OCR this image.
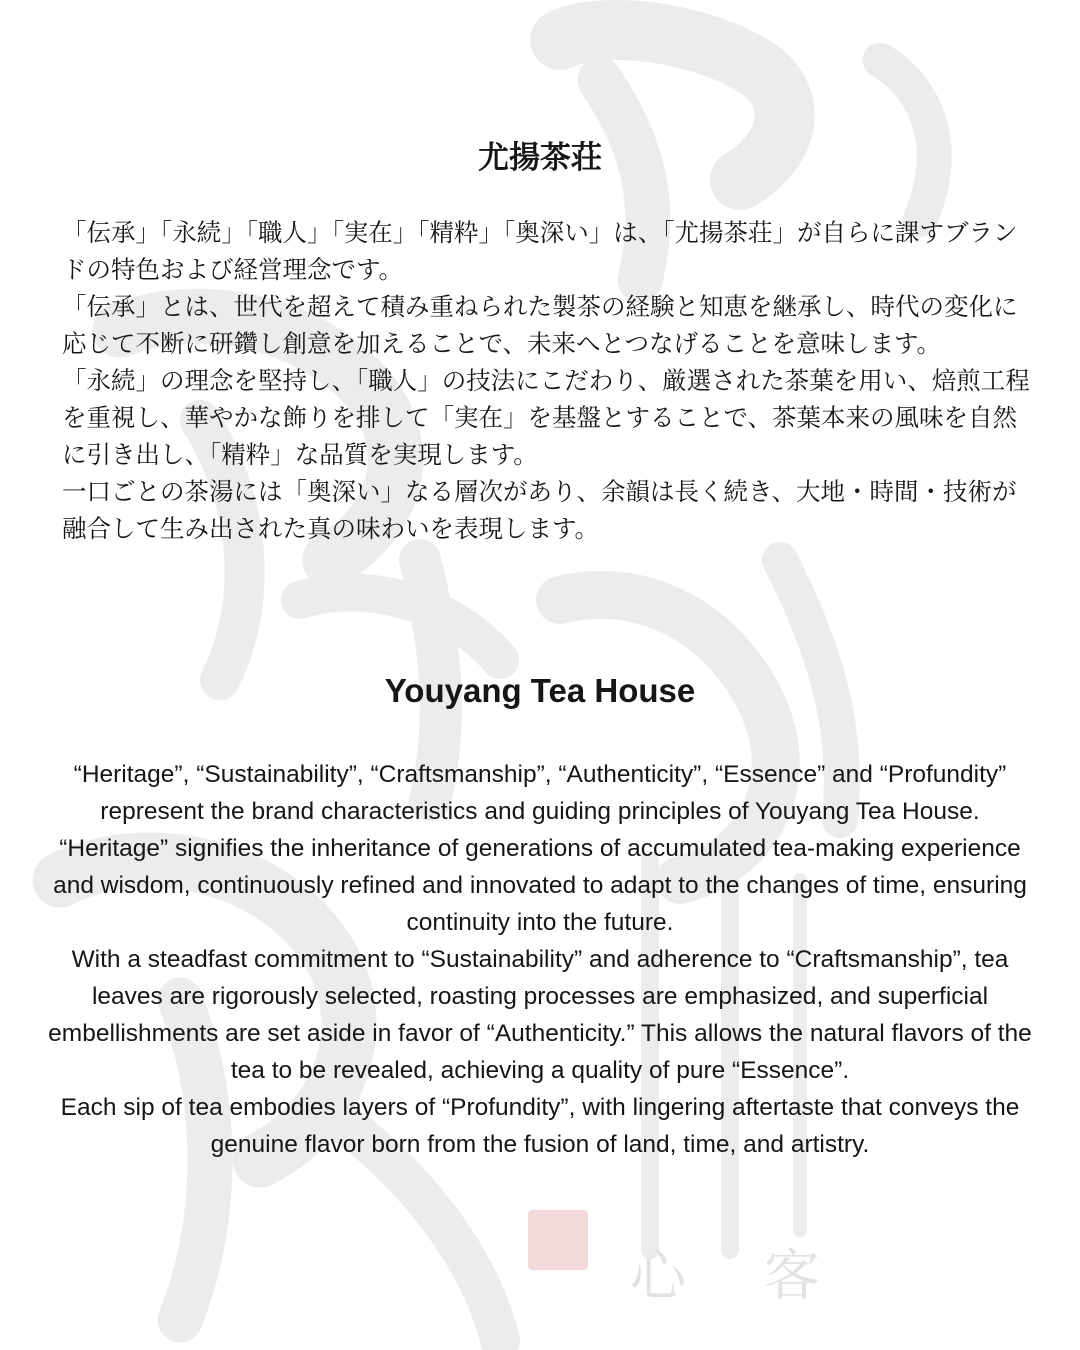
心 客
尤揚茶荘

「伝承」「永続」「職人」「実在」「精粋」「奥深い」は、「尤揚茶荘」が自らに課すブランドの特色および経営理念です。

「伝承」とは、世代を超えて積み重ねられた製茶の経験と知恵を継承し、時代の変化に応じて不断に研鑽し創意を加えることで、未来へとつなげることを意味します。

「永続」の理念を堅持し、「職人」の技法にこだわり、厳選された茶葉を用い、焙煎工程を重視し、華やかな飾りを排して「実在」を基盤とすることで、茶葉本来の風味を自然に引き出し、「精粋」な品質を実現します。

一口ごとの茶湯には「奥深い」なる層次があり、余韻は長く続き、大地・時間・技術が融合して生み出された真の味わいを表現します。

Youyang Tea House

“Heritage”, “Sustainability”, “Craftsmanship”, “Authenticity”, “Essence” and “Profundity” represent the brand characteristics and guiding principles of Youyang Tea House.

“Heritage” signifies the inheritance of generations of accumulated tea-making experience and wisdom, continuously refined and innovated to adapt to the changes of time, ensuring continuity into the future.

With a steadfast commitment to “Sustainability” and adherence to “Craftsmanship”, tea leaves are rigorously selected, roasting processes are emphasized, and superficial embellishments are set aside in favor of “Authenticity.” This allows the natural flavors of the tea to be revealed, achieving a quality of pure “Essence”.

Each sip of tea embodies layers of “Profundity”, with lingering aftertaste that conveys the genuine flavor born from the fusion of land, time, and artistry.
